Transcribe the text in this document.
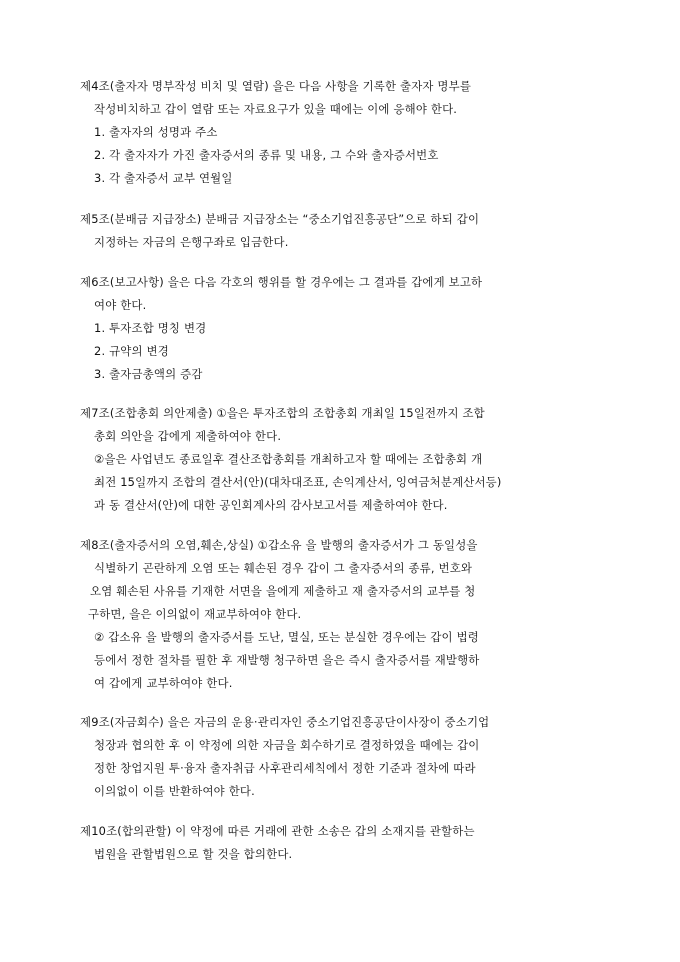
제4조(출자자 명부작성 비치 및 열람) 을은 다음 사항을 기록한 출자자 명부를

작성비치하고 갑이 열람 또는 자료요구가 있을 때에는 이에 응해야 한다.

1. 출자자의 성명과 주소

2. 각 출자자가 가진 출자증서의 종류 및 내용, 그 수와 출자증서번호

3. 각 출자증서 교부 연월일

제5조(분배금 지급장소) 분배금 지급장소는 “중소기업진흥공단”으로 하되 갑이

지정하는 자금의 은행구좌로 입금한다.

제6조(보고사항) 을은 다음 각호의 행위를 할 경우에는 그 결과를 갑에게 보고하

여야 한다.

1. 투자조합 명칭 변경

2. 규약의 변경

3. 출자금총액의 증감

제7조(조합총회 의안제출) ①을은 투자조합의 조합총회 개최일 15일전까지 조합

총회 의안을 갑에게 제출하여야 한다.

②을은 사업년도 종료일후 결산조합총회를 개최하고자 할 때에는 조합총회 개

최전 15일까지 조합의 결산서(안)(대차대조표, 손익계산서, 잉여금처분계산서등)

과 동 결산서(안)에 대한 공인회계사의 감사보고서를 제출하여야 한다.

제8조(출자증서의 오염,훼손,상실) ①갑소유 을 발행의 출자증서가 그 동일성을

식별하기 곤란하게 오염 또는 훼손된 경우 갑이 그 출자증서의 종류, 번호와

오염 훼손된 사유를 기재한 서면을 을에게 제출하고 재 출자증서의 교부를 청

구하면, 을은 이의없이 재교부하여야 한다.

② 갑소유 을 발행의 출자증서를 도난, 멸실, 또는 분실한 경우에는 갑이 법령

등에서 정한 절차를 필한 후 재발행 청구하면 을은 즉시 출자증서를 재발행하

여 갑에게 교부하여야 한다.

제9조(자금회수) 을은 자금의 운용·관리자인 중소기업진흥공단이사장이 중소기업

청장과 협의한 후 이 약정에 의한 자금을 회수하기로 결정하였을 때에는 갑이

정한 창업지원 투·융자 출자취급 사후관리세칙에서 정한 기준과 절차에 따라

이의없이 이를 반환하여야 한다.

제10조(합의관할) 이 약정에 따른 거래에 관한 소송은 갑의 소재지를 관할하는

법원을 관할법원으로 할 것을 합의한다.
